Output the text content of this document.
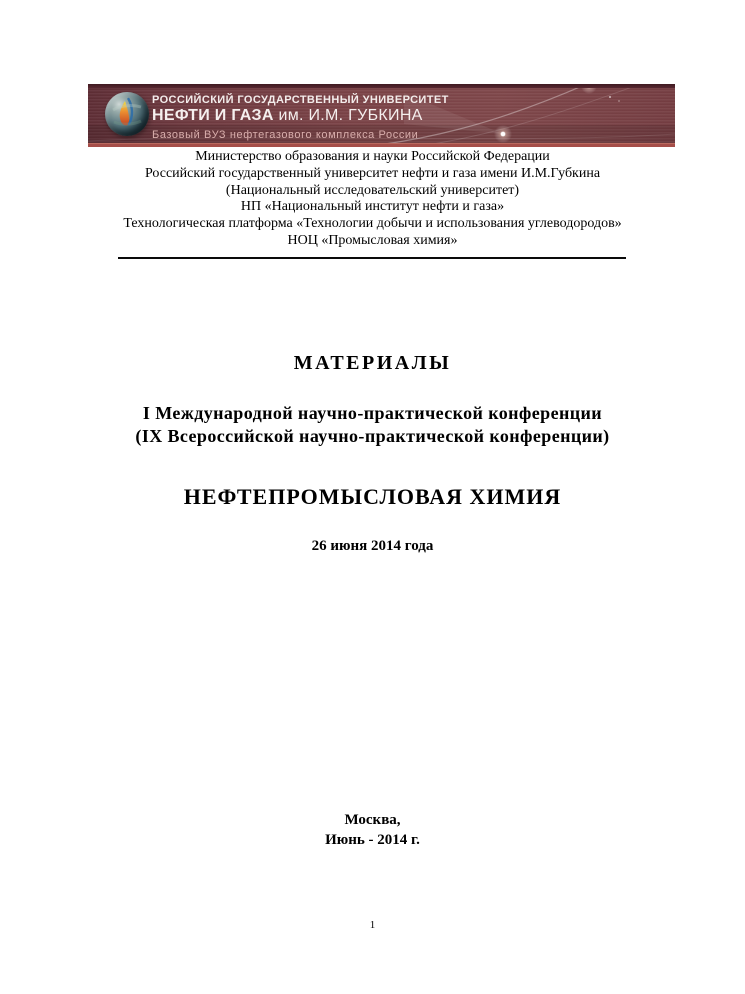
РОССИЙСКИЙ ГОСУДАРСТВЕННЫЙ УНИВЕРСИТЕТ
НЕФТИ И ГАЗА им. И.М. ГУБКИНА
Базовый ВУЗ нефтегазового комплекса России
Министерство образования и науки Российской Федерации
Российский государственный университет нефти и газа имени И.М.Губкина
(Национальный исследовательский университет)
НП «Национальный институт нефти и газа»
Технологическая платформа «Технологии добычи и использования углеводородов»
НОЦ «Промысловая химия»
МАТЕРИАЛЫ
I Международной научно-практической конференции
(IX Всероссийской научно-практической конференции)
НЕФТЕПРОМЫСЛОВАЯ ХИМИЯ
26 июня 2014 года
Москва,
Июнь - 2014 г.
1
